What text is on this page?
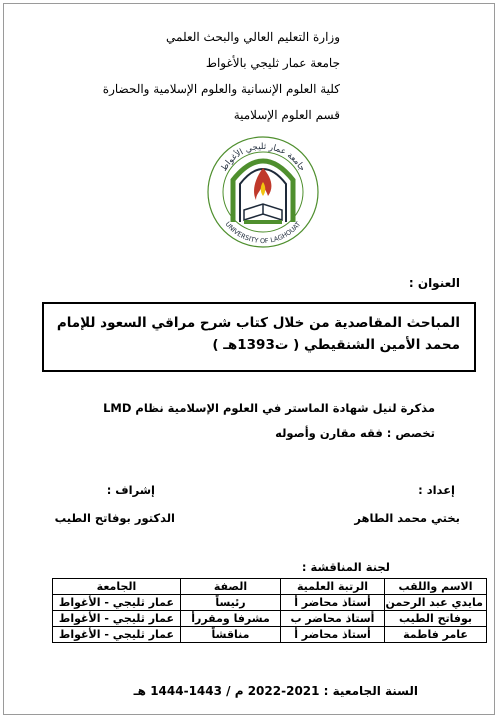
وزارة التعليم العالي والبحث العلمي
جامعة عمار ثليجي بالأغواط
كلية العلوم الإنسانية والعلوم الإسلامية والحضارة
قسم العلوم الإسلامية
جامعة عمار ثليجي الأغواط
UNIVERSITY OF LAGHOUAT
العنوان :
المباحث المقاصدية من خلال كتاب شرح مراقي السعود للإمام
محمد الأمين الشنقيطي ( ت1393هـ )
مذكرة لنيل شهادة الماستر في العلوم الإسلامية نظام LMD
تخصص : فقه مقارن وأصوله
إعداد :
إشراف :
بختي محمد الطاهر
الدكتور بوفاتح الطيب
لجنة المناقشة :
الاسم واللقب	الرتبة العلمية	الصفة	الجامعة
مايدي عبد الرحمن	أستاذ محاضر أ	رئيساً	عمار ثليجي - الأغواط
بوفاتح الطيب	أستاذ محاضر ب	مشرفا ومقررأ	عمار ثليجي - الأغواط
عامر فاطمة	أستاذ محاضر أ	مناقشاً	عمار ثليجي - الأغواط
السنة الجامعية : 2021-2022 م / 1443-1444 هـ
